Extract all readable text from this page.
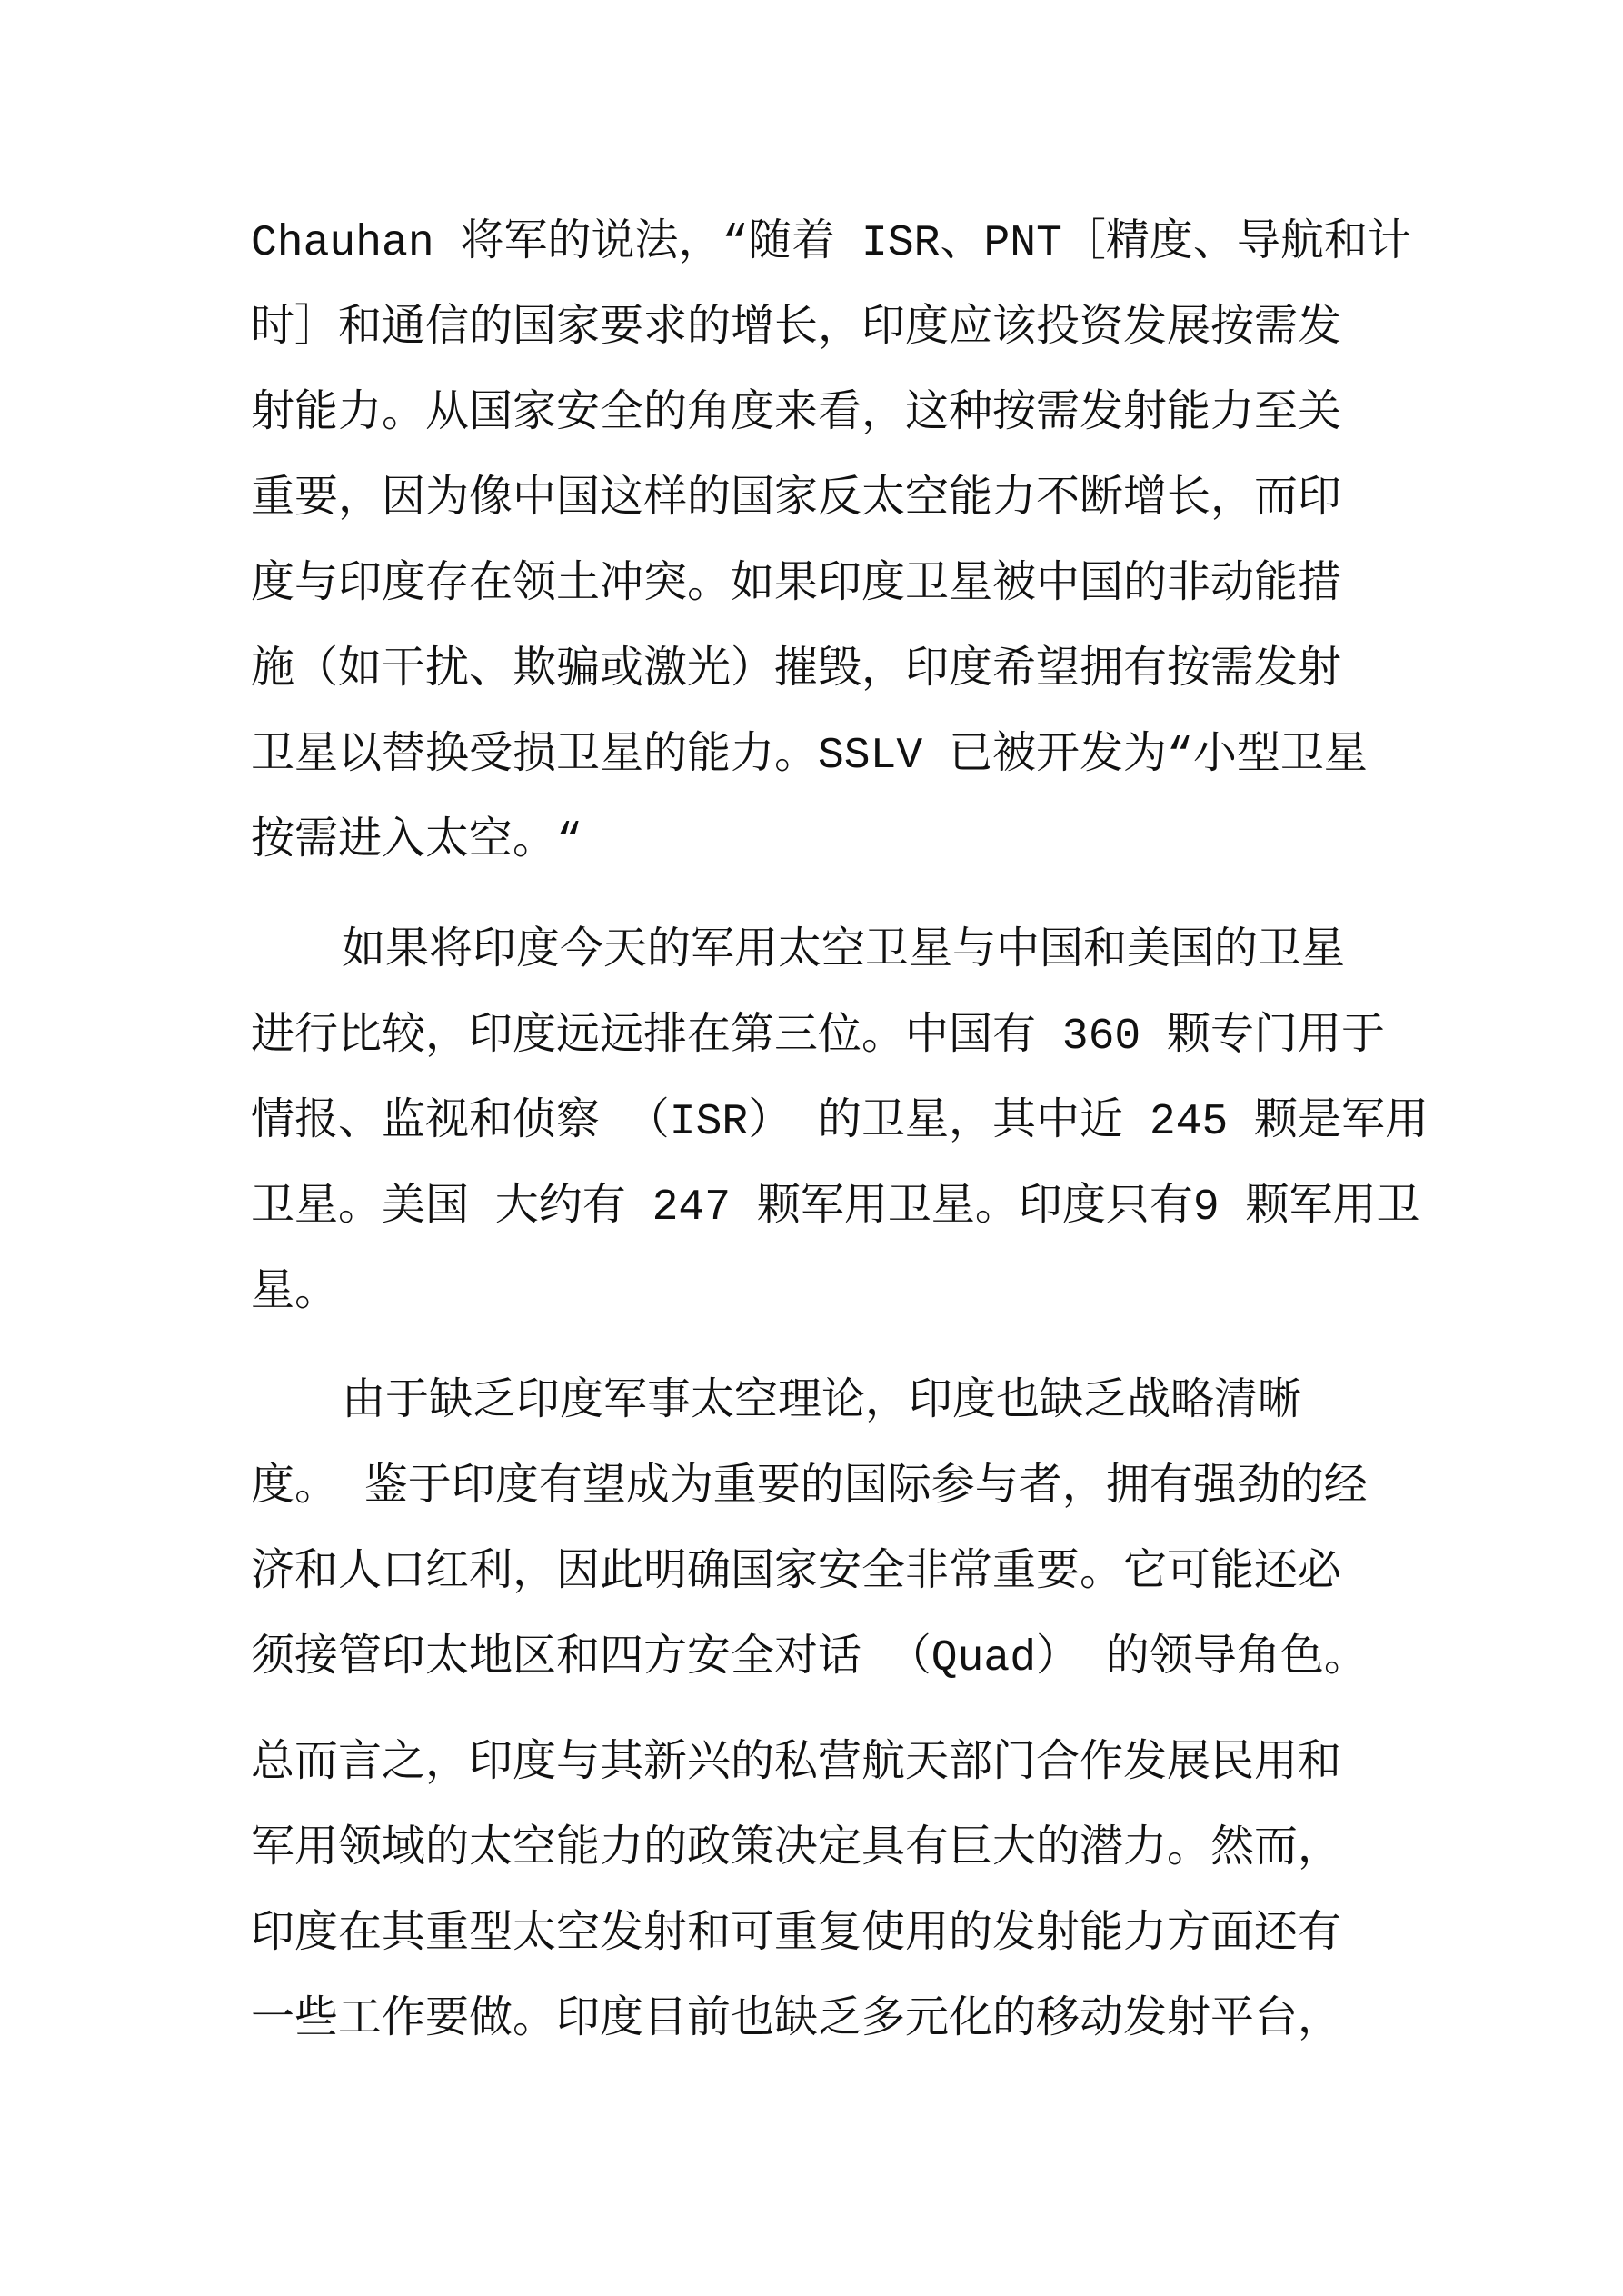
Chauhan 将军的说法，“随着 ISR、PNT［精度、导航和计
时］和通信的国家要求的增长，印度应该投资发展按需发
射能力。从国家安全的角度来看，这种按需发射能力至关
重要，因为像中国这样的国家反太空能力不断增长，而印
度与印度存在领土冲突。如果印度卫星被中国的非动能措
施（如干扰、欺骗或激光）摧毁，印度希望拥有按需发射
卫星以替换受损卫星的能力。SSLV 已被开发为“小型卫星
按需进入太空。“
如果将印度今天的军用太空卫星与中国和美国的卫星
进行比较，印度远远排在第三位。中国有 360 颗专门用于
情报、监视和侦察 （ISR） 的卫星，其中近 245 颗是军用
卫星。美国 大约有 247 颗军用卫星。印度只有9 颗军用卫
星。
由于缺乏印度军事太空理论，印度也缺乏战略清晰
度。 鉴于印度有望成为重要的国际参与者，拥有强劲的经
济和人口红利，因此明确国家安全非常重要。它可能还必
须接管印太地区和四方安全对话 （Quad） 的领导角色。
总而言之，印度与其新兴的私营航天部门合作发展民用和
军用领域的太空能力的政策决定具有巨大的潜力。然而，
印度在其重型太空发射和可重复使用的发射能力方面还有
一些工作要做。印度目前也缺乏多元化的移动发射平台，
